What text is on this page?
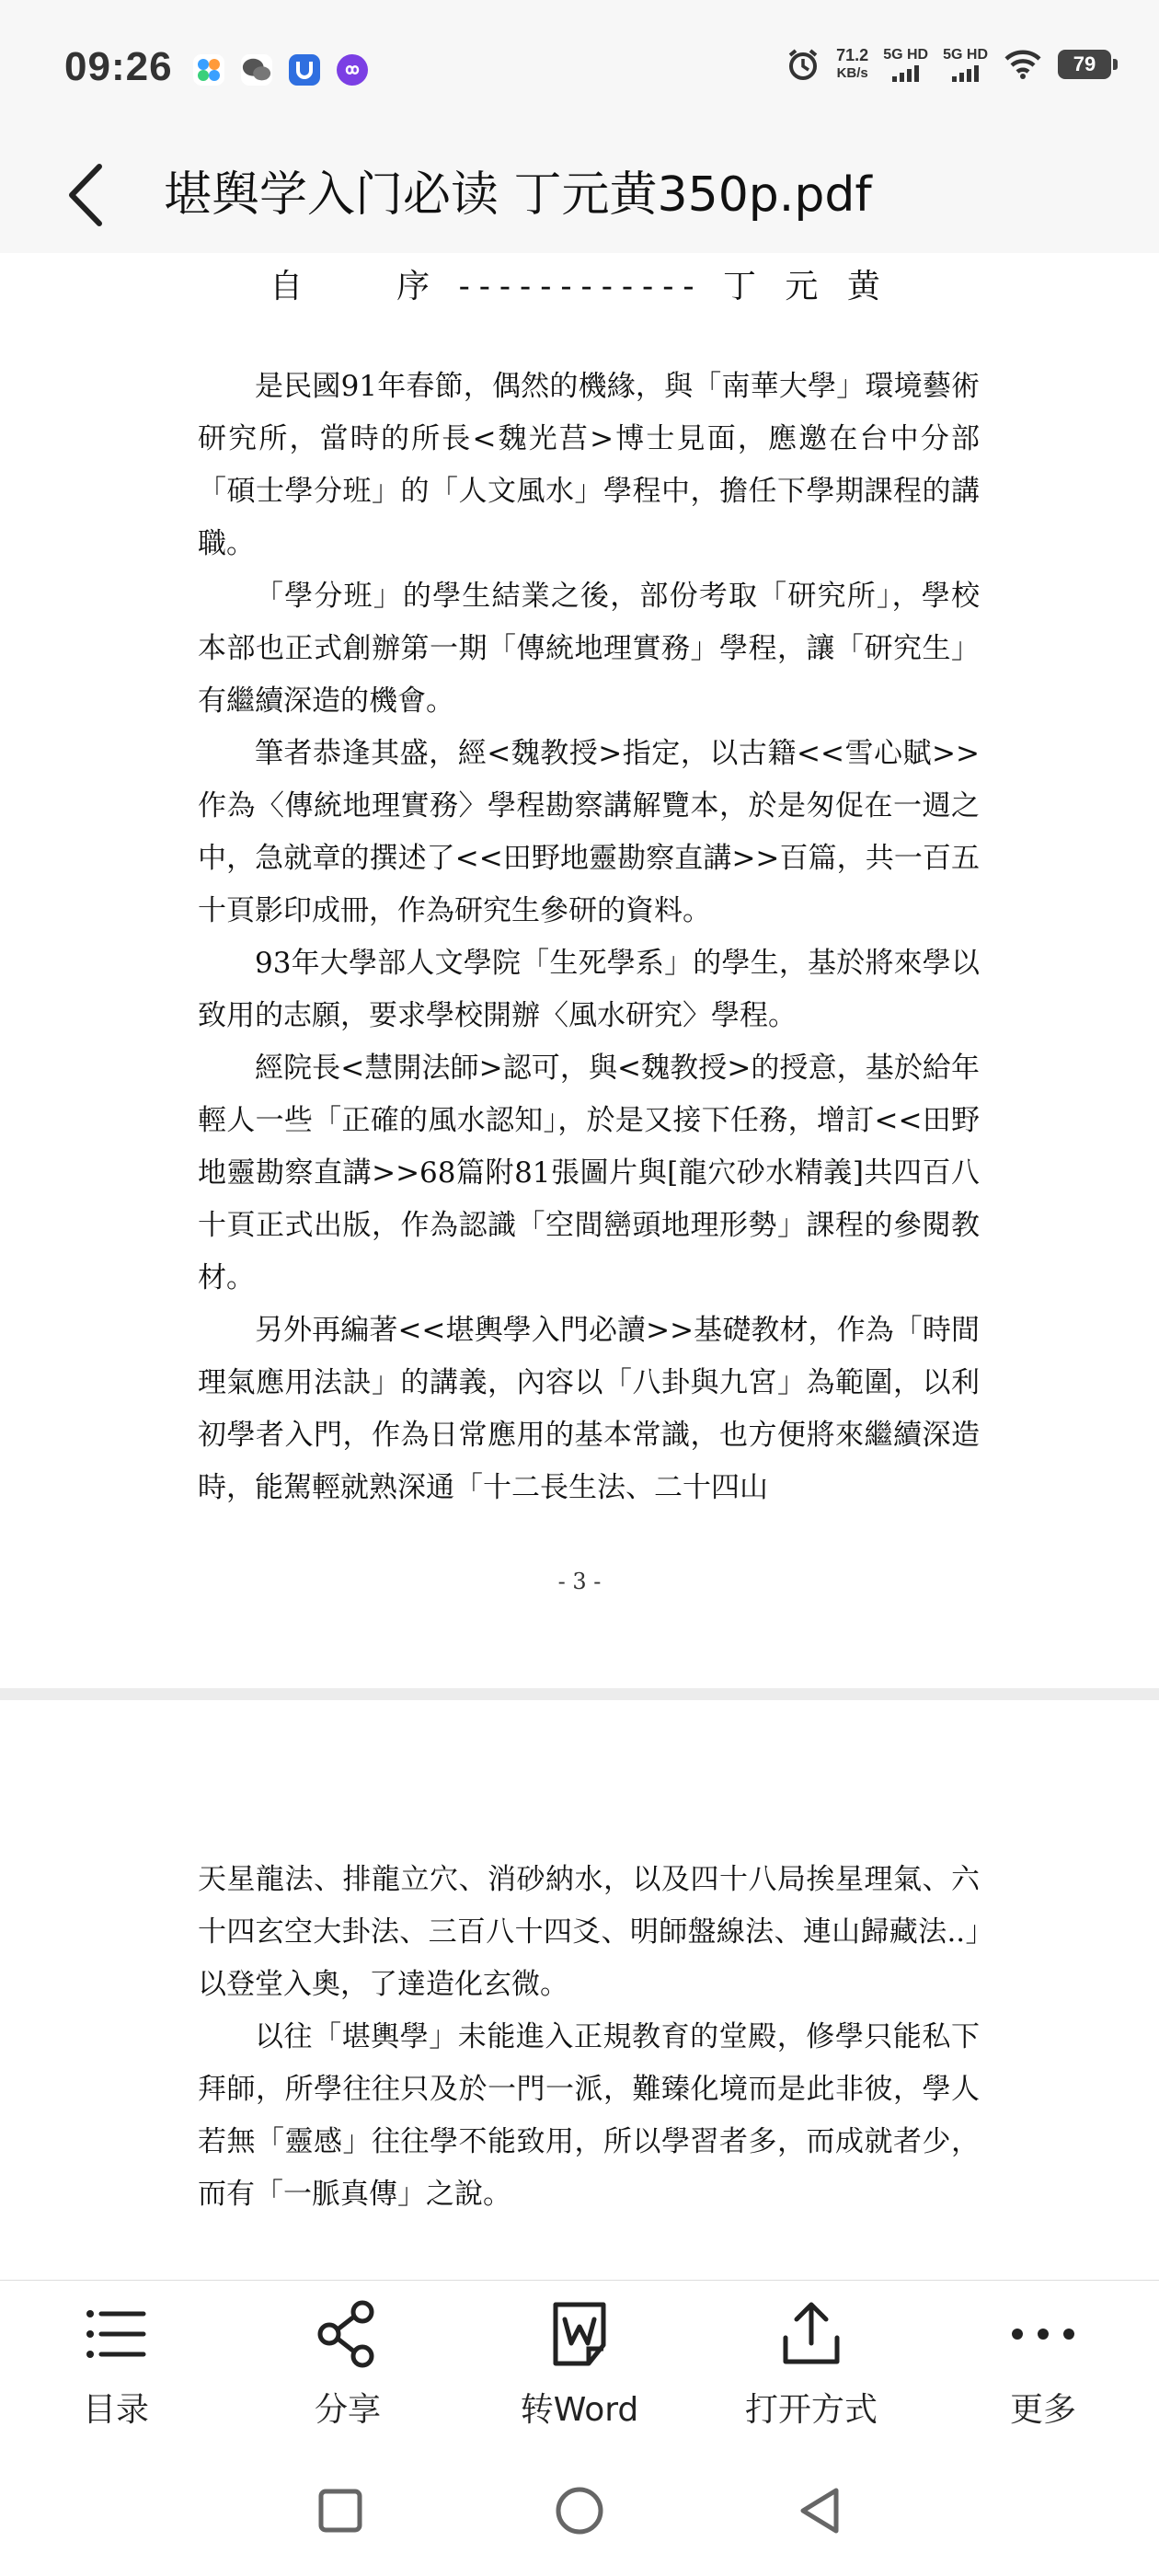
09:26	71.2
KB/s
5G HD 5G HD	79
堪舆学入门必读 丁元黄350p.pdf
自　　序 ------------ 丁 元 黄

是民國91年春節，偶然的機緣，與「南華大學」環境藝術研究所，當時的所長<魏光莒>博士見面，應邀在台中分部「碩士學分班」的「人文風水」學程中，擔任下學期課程的講職。

「學分班」的學生結業之後，部份考取「研究所」，學校本部也正式創辦第一期「傳統地理實務」學程，讓「研究生」有繼續深造的機會。

筆者恭逢其盛，經<魏教授>指定，以古籍<<雪心賦>>作為〈傳統地理實務〉學程勘察講解覽本，於是匆促在一週之中，急就章的撰述了<<田野地靈勘察直講>>百篇，共一百五十頁影印成冊，作為研究生參研的資料。

93年大學部人文學院「生死學系」的學生，基於將來學以致用的志願，要求學校開辦〈風水研究〉學程。

經院長<慧開法師>認可，與<魏教授>的授意，基於給年輕人一些「正確的風水認知」，於是又接下任務，增訂<<田野地靈勘察直講>>68篇附81張圖片與[龍穴砂水精義]共四百八十頁正式出版，作為認識「空間巒頭地理形勢」課程的參閱教材。

另外再編著<<堪輿學入門必讀>>基礎教材，作為「時間理氣應用法訣」的講義，內容以「八卦與九宮」為範圍，以利初學者入門，作為日常應用的基本常識，也方便將來繼續深造時，能駕輕就熟深通「十二長生法、二十四山

- 3 -

天星龍法、排龍立穴、消砂納水，以及四十八局挨星理氣、六十四玄空大卦法、三百八十四爻、明師盤線法、連山歸藏法..」以登堂入奧，了達造化玄微。

以往「堪輿學」未能進入正規教育的堂殿，修學只能私下拜師，所學往往只及於一門一派，難臻化境而是此非彼，學人若無「靈感」往往學不能致用，所以學習者多，而成就者少，而有「一脈真傳」之說。

目录	分享	转Word	打开方式	更多
